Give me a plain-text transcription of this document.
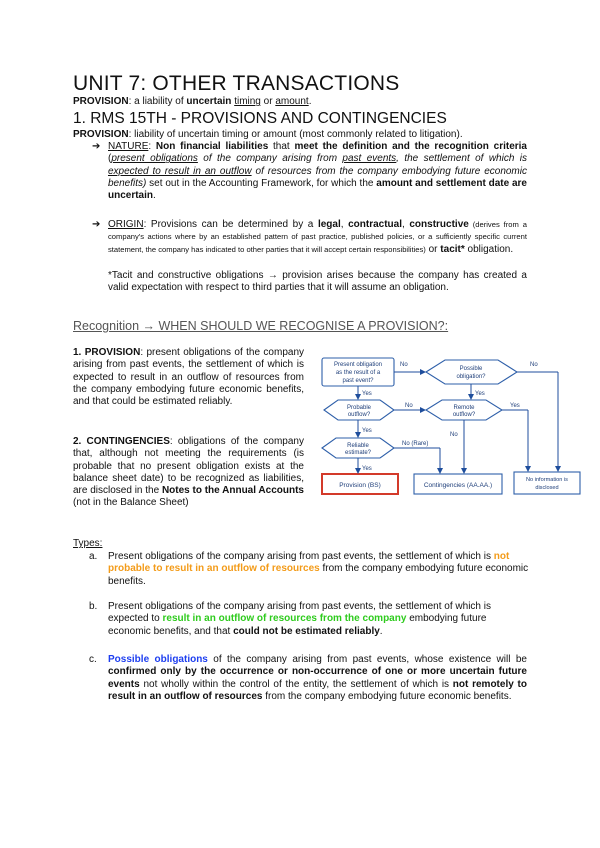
UNIT 7: OTHER TRANSACTIONS
PROVISION: a liability of uncertain timing or amount.
1. RMS 15TH - PROVISIONS AND CONTINGENCIES
PROVISION: liability of uncertain timing or amount (most commonly related to litigation).
➔ NATURE: Non financial liabilities that meet the definition and the recognition criteria (present obligations of the company arising from past events, the settlement of which is expected to result in an outflow of resources from the company embodying future economic benefits) set out in the Accounting Framework, for which the amount and settlement date are uncertain.
➔ ORIGIN: Provisions can be determined by a legal, contractual, constructive (derives from a company's actions where by an established pattern of past practice, published policies, or a sufficiently specific current statement, the company has indicated to other parties that it will accept certain responsibilities) or tacit* obligation.
*Tacit and constructive obligations → provision arises because the company has created a valid expectation with respect to third parties that it will assume an obligation.
Recognition → WHEN SHOULD WE RECOGNISE A PROVISION?:
1. PROVISION: present obligations of the company arising from past events, the settlement of which is expected to result in an outflow of resources from the company embodying future economic benefits, and that could be estimated reliably.
2. CONTINGENCIES: obligations of the company that, although not meeting the requirements (is probable that no present obligation exists at the balance sheet date) to be recognized as liabilities, are disclosed in the Notes to the Annual Accounts (not in the Balance Sheet)
Present obligation
as the result of a
past event?
Possible
obligation?
Probable
outflow?
Remote
outflow?
Reliable
estimate?
Provision (BS)	Contingencies (AA.AA.)
No information is
disclosed
No	No
Yes	Yes
No	Yes
Yes
No
No (Rare)
Yes
Types:
a. Present obligations of the company arising from past events, the settlement of which is not probable to result in an outflow of resources from the company embodying future economic benefits.
b. Present obligations of the company arising from past events, the settlement of which is expected to result in an outflow of resources from the company embodying future economic benefits, and that could not be estimated reliably.
c. Possible obligations of the company arising from past events, whose existence will be confirmed only by the occurrence or non-occurrence of one or more uncertain future events not wholly within the control of the entity, the settlement of which is not remotely to result in an outflow of resources from the company embodying future economic benefits.
